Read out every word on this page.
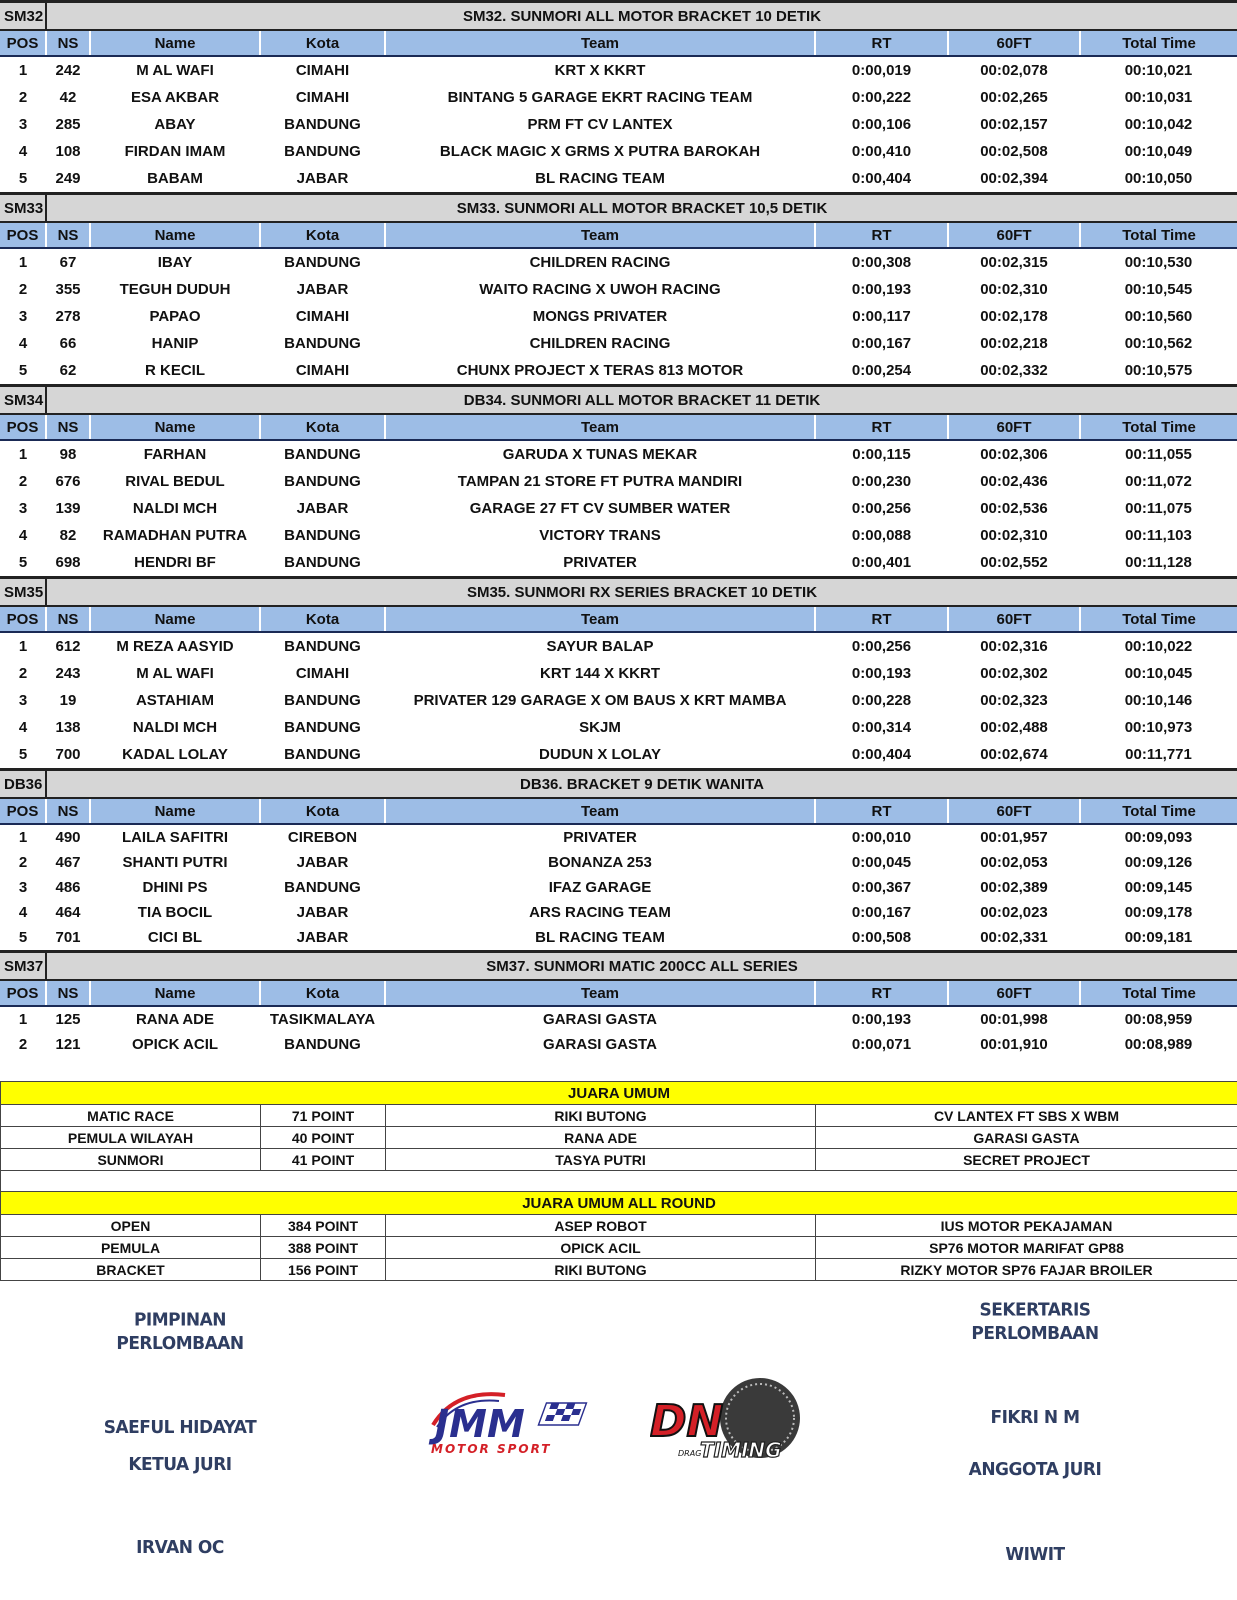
SM32	SM32. SUNMORI ALL MOTOR BRACKET 10 DETIK						
POS	NS	Name	Kota	Team	RT	60FT	Total Time
1	242	M AL WAFI	CIMAHI	KRT X KKRT	0:00,019	00:02,078	00:10,021
2	42	ESA AKBAR	CIMAHI	BINTANG 5 GARAGE EKRT RACING TEAM	0:00,222	00:02,265	00:10,031
3	285	ABAY	BANDUNG	PRM FT CV LANTEX	0:00,106	00:02,157	00:10,042
4	108	FIRDAN IMAM	BANDUNG	BLACK MAGIC X GRMS X PUTRA BAROKAH	0:00,410	00:02,508	00:10,049
5	249	BABAM	JABAR	BL RACING TEAM	0:00,404	00:02,394	00:10,050
SM33	SM33. SUNMORI ALL MOTOR BRACKET 10,5 DETIK						
POS	NS	Name	Kota	Team	RT	60FT	Total Time
1	67	IBAY	BANDUNG	CHILDREN RACING	0:00,308	00:02,315	00:10,530
2	355	TEGUH DUDUH	JABAR	WAITO RACING X UWOH RACING	0:00,193	00:02,310	00:10,545
3	278	PAPAO	CIMAHI	MONGS PRIVATER	0:00,117	00:02,178	00:10,560
4	66	HANIP	BANDUNG	CHILDREN RACING	0:00,167	00:02,218	00:10,562
5	62	R KECIL	CIMAHI	CHUNX PROJECT X TERAS 813 MOTOR	0:00,254	00:02,332	00:10,575
SM34	DB34. SUNMORI ALL MOTOR BRACKET 11 DETIK						
POS	NS	Name	Kota	Team	RT	60FT	Total Time
1	98	FARHAN	BANDUNG	GARUDA X TUNAS MEKAR	0:00,115	00:02,306	00:11,055
2	676	RIVAL BEDUL	BANDUNG	TAMPAN 21 STORE FT PUTRA MANDIRI	0:00,230	00:02,436	00:11,072
3	139	NALDI MCH	JABAR	GARAGE 27 FT CV SUMBER WATER	0:00,256	00:02,536	00:11,075
4	82	RAMADHAN PUTRA	BANDUNG	VICTORY TRANS	0:00,088	00:02,310	00:11,103
5	698	HENDRI BF	BANDUNG	PRIVATER	0:00,401	00:02,552	00:11,128
SM35	SM35. SUNMORI RX SERIES BRACKET 10 DETIK						
POS	NS	Name	Kota	Team	RT	60FT	Total Time
1	612	M REZA AASYID	BANDUNG	SAYUR BALAP	0:00,256	00:02,316	00:10,022
2	243	M AL WAFI	CIMAHI	KRT 144 X KKRT	0:00,193	00:02,302	00:10,045
3	19	ASTAHIAM	BANDUNG	PRIVATER 129 GARAGE X OM BAUS X KRT MAMBA	0:00,228	00:02,323	00:10,146
4	138	NALDI MCH	BANDUNG	SKJM	0:00,314	00:02,488	00:10,973
5	700	KADAL LOLAY	BANDUNG	DUDUN X LOLAY	0:00,404	00:02,674	00:11,771
DB36	DB36. BRACKET 9 DETIK WANITA						
POS	NS	Name	Kota	Team	RT	60FT	Total Time
1	490	LAILA SAFITRI	CIREBON	PRIVATER	0:00,010	00:01,957	00:09,093
2	467	SHANTI PUTRI	JABAR	BONANZA 253	0:00,045	00:02,053	00:09,126
3	486	DHINI PS	BANDUNG	IFAZ GARAGE	0:00,367	00:02,389	00:09,145
4	464	TIA BOCIL	JABAR	ARS RACING TEAM	0:00,167	00:02,023	00:09,178
5	701	CICI BL	JABAR	BL RACING TEAM	0:00,508	00:02,331	00:09,181
SM37	SM37. SUNMORI MATIC 200CC ALL SERIES						
POS	NS	Name	Kota	Team	RT	60FT	Total Time
1	125	RANA ADE	TASIKMALAYA	GARASI GASTA	0:00,193	00:01,998	00:08,959
2	121	OPICK ACIL	BANDUNG	GARASI GASTA	0:00,071	00:01,910	00:08,989
JUARA UMUM			
MATIC RACE	71 POINT	RIKI BUTONG	CV LANTEX FT SBS X WBM
PEMULA WILAYAH	40 POINT	RANA ADE	GARASI GASTA
SUNMORI	41 POINT	TASYA PUTRI	SECRET PROJECT

JUARA UMUM ALL ROUND			
OPEN	384 POINT	ASEP ROBOT	IUS MOTOR PEKAJAMAN
PEMULA	388 POINT	OPICK ACIL	SP76 MOTOR MARIFAT GP88
BRACKET	156 POINT	RIKI BUTONG	RIZKY MOTOR SP76 FAJAR BROILER
PIMPINAN PERLOMBAAN
SAEFUL HIDAYAT
KETUA JURI
IRVAN OC
SEKERTARIS PERLOMBAAN
FIKRI N M
ANGGOTA JURI
WIWIT
JMM
MOTOR SPORT
DN
DRAG
TIMING
